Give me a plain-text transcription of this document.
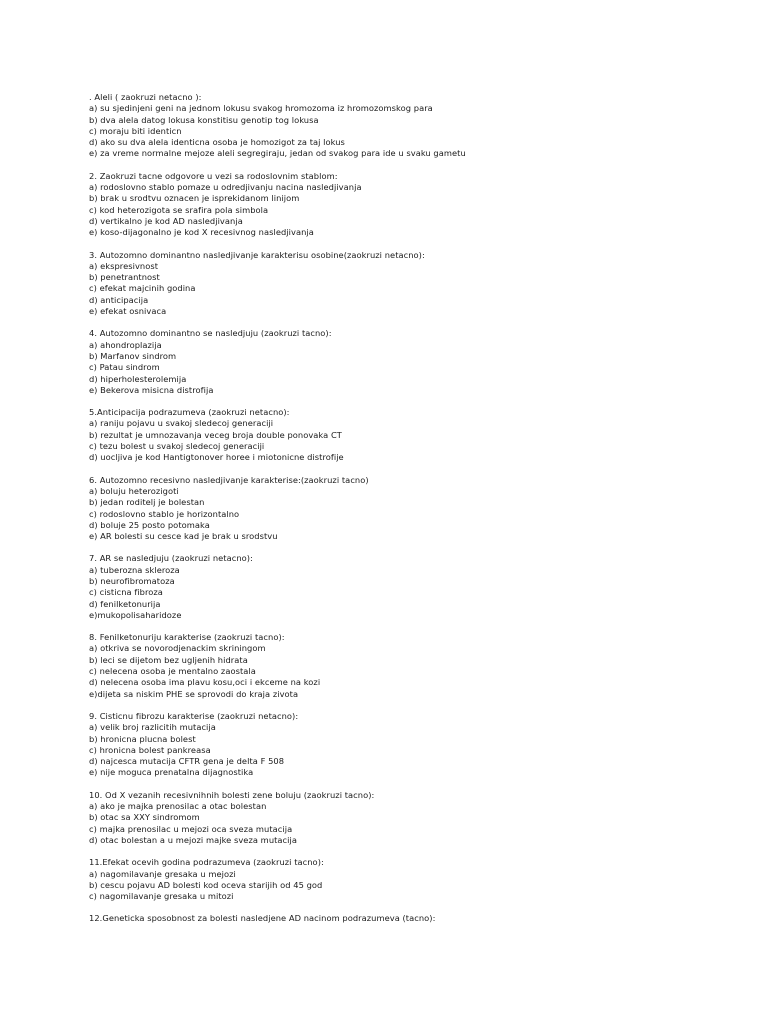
. Aleli ( zaokruzi netacno ):
a) su sjedinjeni geni na jednom lokusu svakog hromozoma iz hromozomskog para
b) dva alela datog lokusa konstitisu genotip tog lokusa
c) moraju biti identicn
d) ako su dva alela identicna osoba je homozigot za taj lokus
e) za vreme normalne mejoze aleli segregiraju, jedan od svakog para ide u svaku gametu
2. Zaokruzi tacne odgovore u vezi sa rodoslovnim stablom:
a) rodoslovno stablo pomaze u odredjivanju nacina nasledjivanja
b) brak u srodtvu oznacen je isprekidanom linijom
c) kod heterozigota se srafira pola simbola
d) vertikalno je kod AD nasledjivanja
e) koso-dijagonalno je kod X recesivnog nasledjivanja
3. Autozomno dominantno nasledjivanje karakterisu osobine(zaokruzi netacno):
a) ekspresivnost
b) penetrantnost
c) efekat majcinih godina
d) anticipacija
e) efekat osnivaca
4. Autozomno dominantno se nasledjuju (zaokruzi tacno):
a) ahondroplazija
b) Marfanov sindrom
c) Patau sindrom
d) hiperholesterolemija
e) Bekerova misicna distrofija
5.Anticipacija podrazumeva (zaokruzi netacno):
a) raniju pojavu u svakoj sledecoj generaciji
b) rezultat je umnozavanja veceg broja double ponovaka CT
c) tezu bolest u svakoj sledecoj generaciji
d) uocljiva je kod Hantigtonover horee i miotonicne distrofije
6. Autozomno recesivno nasledjivanje karakterise:(zaokruzi tacno)
a) boluju heterozigoti
b) jedan roditelj je bolestan
c) rodoslovno stablo je horizontalno
d) boluje 25 posto potomaka
e) AR bolesti su cesce kad je brak u srodstvu
7. AR se nasledjuju (zaokruzi netacno):
a) tuberozna skleroza
b) neurofibromatoza
c) cisticna fibroza
d) fenilketonurija
e)mukopolisaharidoze
8. Fenilketonuriju karakterise (zaokruzi tacno):
a) otkriva se novorodjenackim skriningom
b) leci se dijetom bez ugljenih hidrata
c) nelecena osoba je mentalno zaostala
d) nelecena osoba ima plavu kosu,oci i ekceme na kozi
e)dijeta sa niskim PHE se sprovodi do kraja zivota
9. Cisticnu fibrozu karakterise (zaokruzi netacno):
a) velik broj razlicitih mutacija
b) hronicna plucna bolest
c) hronicna bolest pankreasa
d) najcesca mutacija CFTR gena je delta F 508
e) nije moguca prenatalna dijagnostika
10. Od X vezanih recesivnihnih bolesti zene boluju (zaokruzi tacno):
a) ako je majka prenosilac a otac bolestan
b) otac sa XXY sindromom
c) majka prenosilac u mejozi oca sveza mutacija
d) otac bolestan a u mejozi majke sveza mutacija
11.Efekat ocevih godina podrazumeva (zaokruzi tacno):
a) nagomilavanje gresaka u mejozi
b) cescu pojavu AD bolesti kod oceva starijih od 45 god
c) nagomilavanje gresaka u mitozi
12.Geneticka sposobnost za bolesti nasledjene AD nacinom podrazumeva (tacno):
